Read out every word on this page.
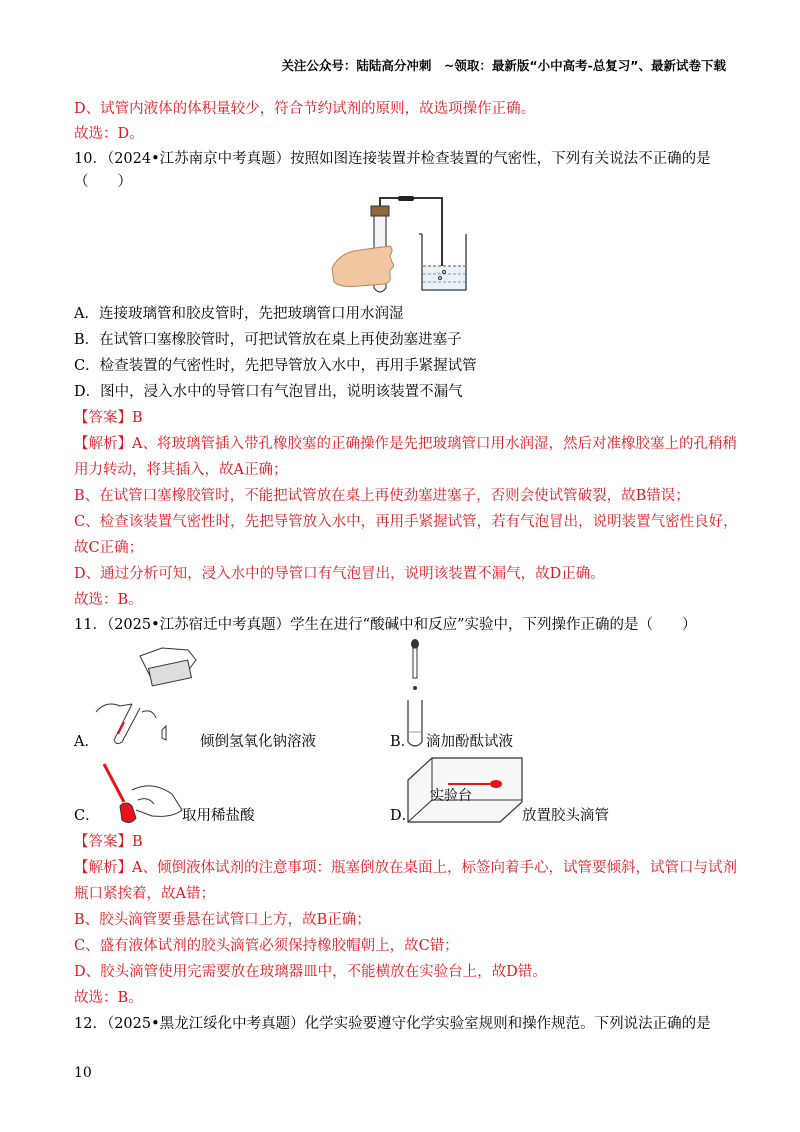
关注公众号：陆陆高分冲刺　~领取：最新版“小中高考-总复习”、最新试卷下载
D、试管内液体的体积量较少，符合节约试剂的原则，故选项操作正确。
故选：D。
10．（2024•江苏南京中考真题）按照如图连接装置并检查装置的气密性，下列有关说法不正确的是
（　　）
A．连接玻璃管和胶皮管时，先把玻璃管口用水润湿
B．在试管口塞橡胶管时，可把试管放在桌上再使劲塞进塞子
C．检查装置的气密性时，先把导管放入水中，再用手紧握试管
D．图中，浸入水中的导管口有气泡冒出，说明该装置不漏气
【答案】B
【解析】A、将玻璃管插入带孔橡胶塞的正确操作是先把玻璃管口用水润湿，然后对准橡胶塞上的孔稍稍
用力转动，将其插入，故A正确；
B、在试管口塞橡胶管时，不能把试管放在桌上再使劲塞进塞子，否则会使试管破裂，故B错误；
C、检查该装置气密性时，先把导管放入水中，再用手紧握试管，若有气泡冒出，说明装置气密性良好，
故C正确；
D、通过分析可知，浸入水中的导管口有气泡冒出，说明该装置不漏气，故D正确。
故选：B。
11．（2025•江苏宿迁中考真题）学生在进行“酸碱中和反应”实验中，下列操作正确的是（　　）
A．	倾倒氢氧化钠溶液	B． 滴加酚酞试液
C．	取用稀盐酸
实验台
D．	放置胶头滴管
【答案】B
【解析】A、倾倒液体试剂的注意事项：瓶塞倒放在桌面上，标签向着手心，试管要倾斜，试管口与试剂
瓶口紧挨着，故A错；
B、胶头滴管要垂悬在试管口上方，故B正确；
C、盛有液体试剂的胶头滴管必须保持橡胶帽朝上，故C错；
D、胶头滴管使用完需要放在玻璃器皿中，不能横放在实验台上，故D错。
故选：B。
12．（2025•黑龙江绥化中考真题）化学实验要遵守化学实验室规则和操作规范。下列说法正确的是
10
